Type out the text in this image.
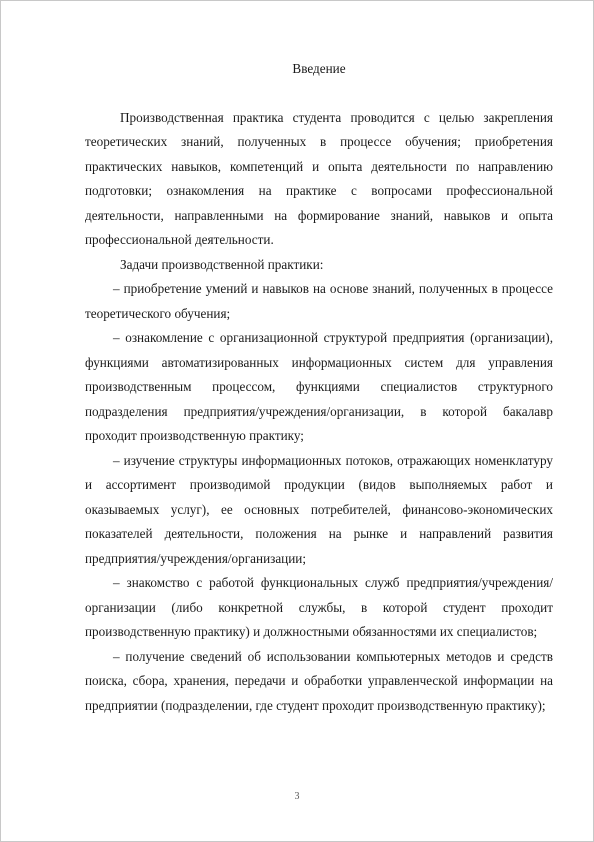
Введение

Производственная практика студента проводится с целью закрепления теоретических знаний, полученных в процессе обучения; приобретения практических навыков, компетенций и опыта деятельности по направлению подготовки; ознакомления на практике с вопросами профессиональной деятельности, направленными на формирование знаний, навыков и опыта профессиональной деятельности.

Задачи производственной практики:

– приобретение умений и навыков на основе знаний, полученных в процессе теоретического обучения;

– ознакомление с организационной структурой предприятия (организации), функциями автоматизированных информационных систем для управления производственным процессом, функциями специалистов структурного подразделения предприятия/учреждения/организации, в которой бакалавр проходит производственную практику;

– изучение структуры информационных потоков, отражающих номенклатуру и ассортимент производимой продукции (видов выполняемых работ и оказываемых услуг), ее основных потребителей, финансово-экономических показателей деятельности, положения на рынке и направлений развития предприятия/учреждения/организации;

– знакомство с работой функциональных служб предприятия/учреждения/организации (либо конкретной службы, в которой студент проходит производственную практику) и должностными обязанностями их специалистов;

– получение сведений об использовании компьютерных методов и средств поиска, сбора, хранения, передачи и обработки управленческой информации на предприятии (подразделении, где студент проходит производственную практику);

3
